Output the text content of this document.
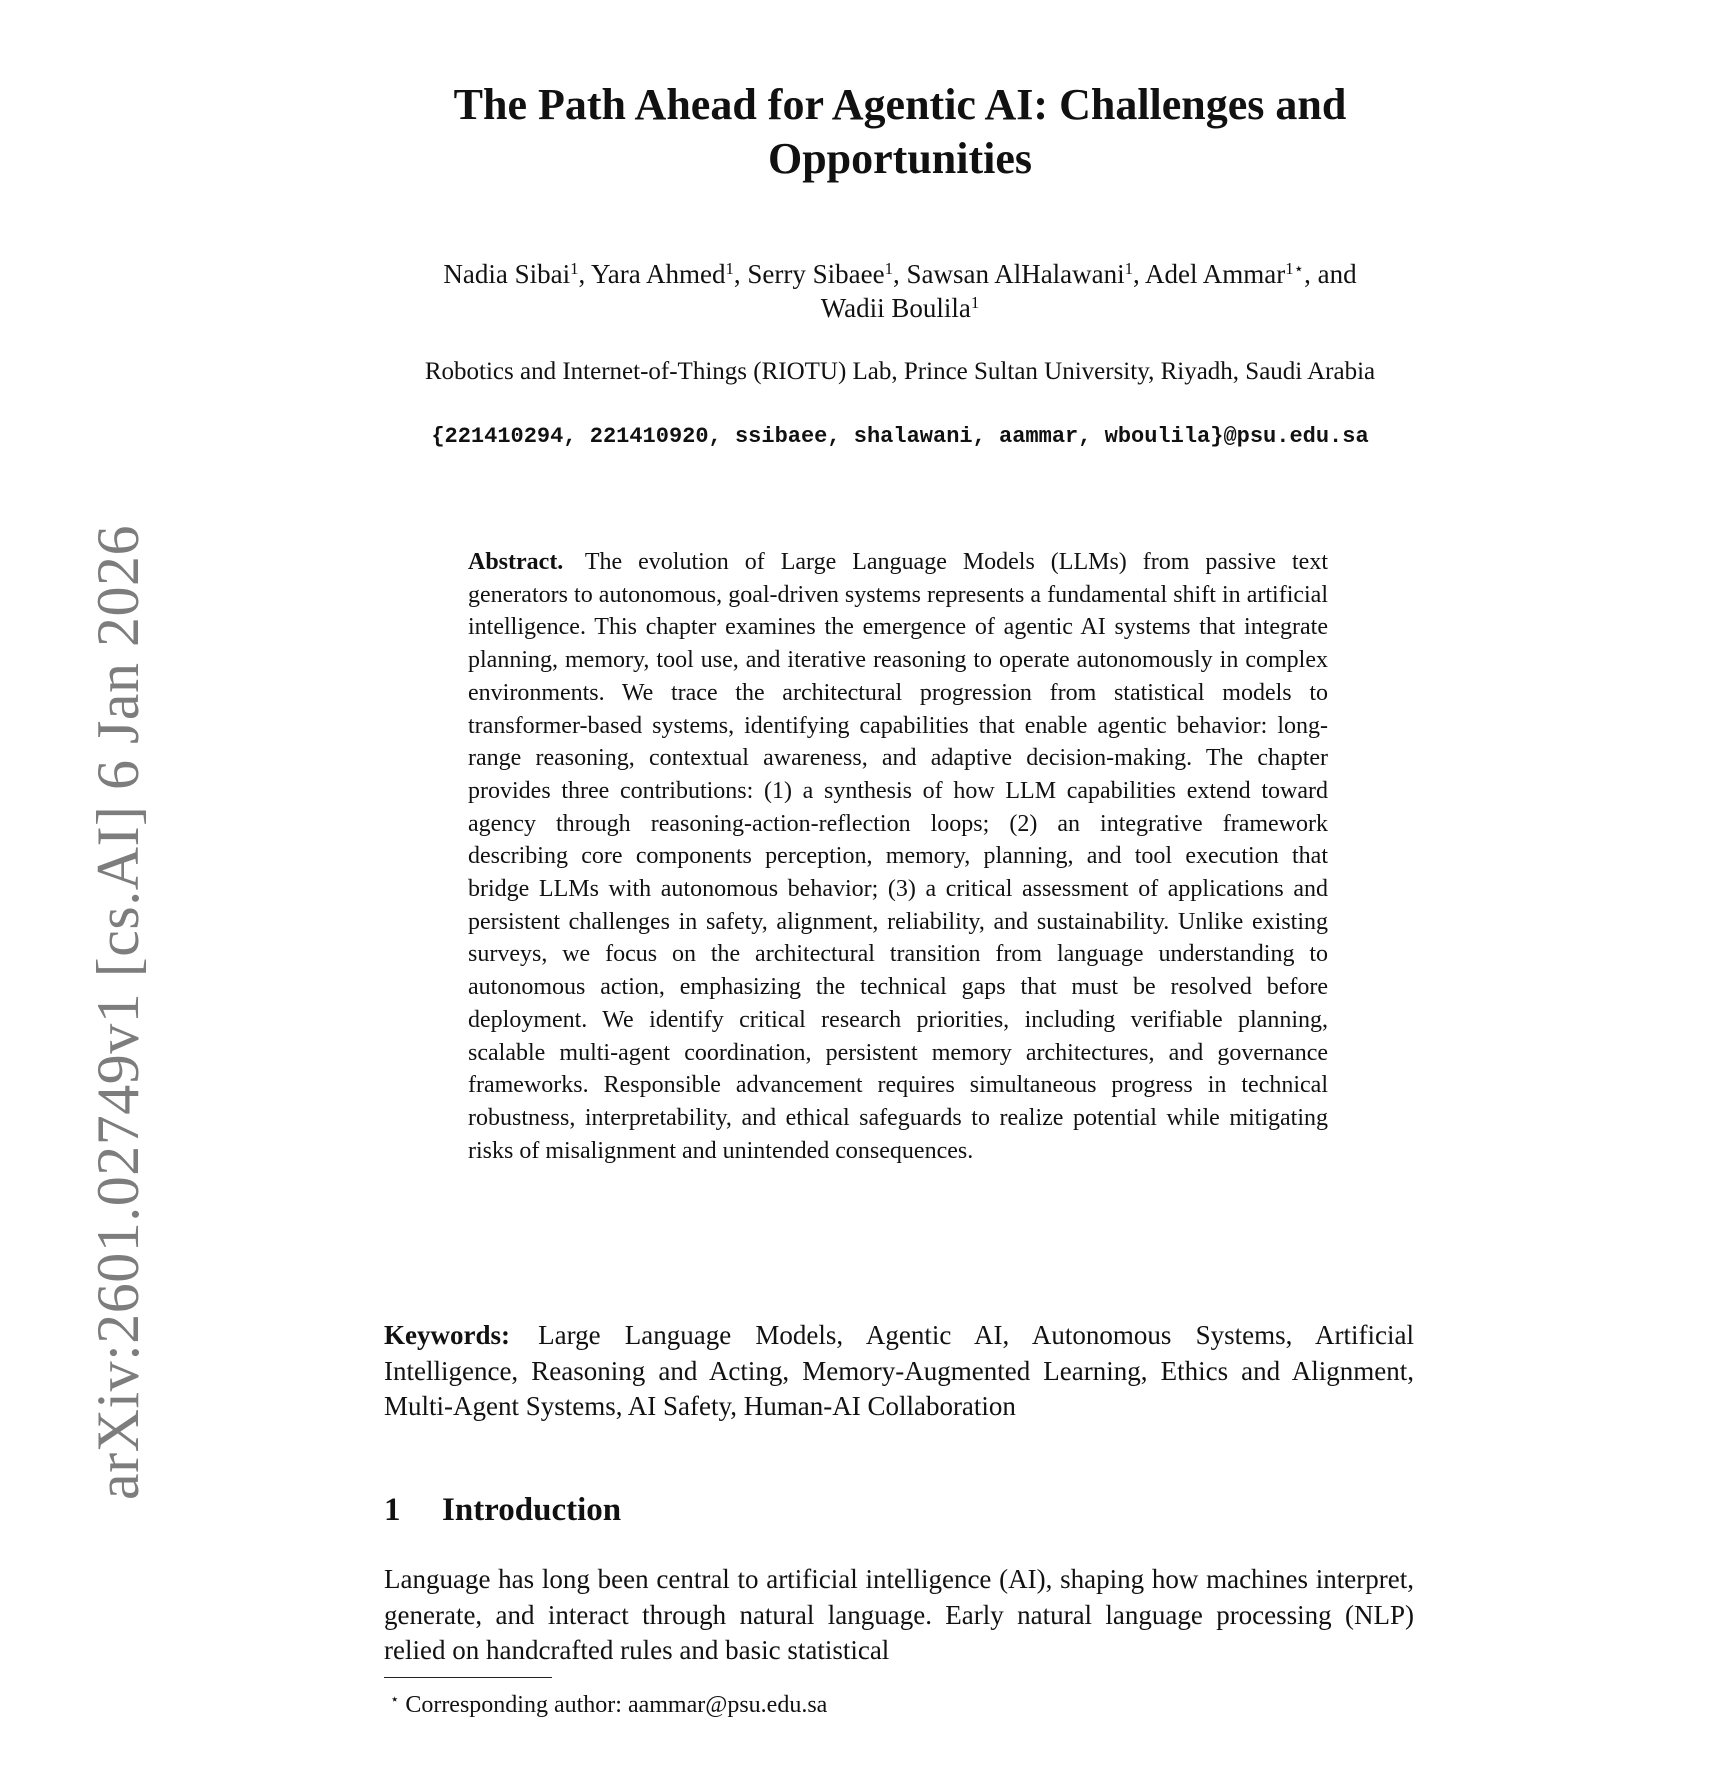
arXiv:2601.02749v1 [cs.AI] 6 Jan 2026
The Path Ahead for Agentic AI: Challenges and Opportunities
Nadia Sibai$^1$, Yara Ahmed$^1$, Serry Sibaee$^1$, Sawsan AlHalawani$^1$, Adel Ammar$^{1⋆}$, and Wadii Boulila$^1$
Robotics and Internet-of-Things (RIOTU) Lab, Prince Sultan University, Riyadh, Saudi Arabia
{221410294, 221410920, ssibaee, shalawani, aammar, wboulila}@psu.edu.sa

Abstract. The evolution of Large Language Models (LLMs) from passive text generators to autonomous, goal-driven systems represents a fundamental shift in artificial intelligence. This chapter examines the emergence of agentic AI systems that integrate planning, memory, tool use, and iterative reasoning to operate autonomously in complex environments. We trace the architectural progression from statistical models to transformer-based systems, identifying capabilities that enable agentic behavior: long-range reasoning, contextual awareness, and adaptive decision-making. The chapter provides three contributions: (1) a synthesis of how LLM capabilities extend toward agency through reasoning-action-reflection loops; (2) an integrative framework describing core components perception, memory, planning, and tool execution that bridge LLMs with autonomous behavior; (3) a critical assessment of applications and persistent challenges in safety, alignment, reliability, and sustainability. Unlike existing surveys, we focus on the architectural transition from language understanding to autonomous action, emphasizing the technical gaps that must be resolved before deployment. We identify critical research priorities, including verifiable planning, scalable multi-agent coordination, persistent memory architectures, and governance frameworks. Responsible advancement requires simultaneous progress in technical robustness, interpretability, and ethical safeguards to realize potential while mitigating risks of misalignment and unintended consequences.

Keywords: Large Language Models, Agentic AI, Autonomous Systems, Artificial Intelligence, Reasoning and Acting, Memory-Augmented Learning, Ethics and Alignment, Multi-Agent Systems, AI Safety, Human-AI Collaboration

1 Introduction

Language has long been central to artificial intelligence (AI), shaping how machines interpret, generate, and interact through natural language. Early natural language processing (NLP) relied on handcrafted rules and basic statistical

⋆ Corresponding author: aammar@psu.edu.sa
